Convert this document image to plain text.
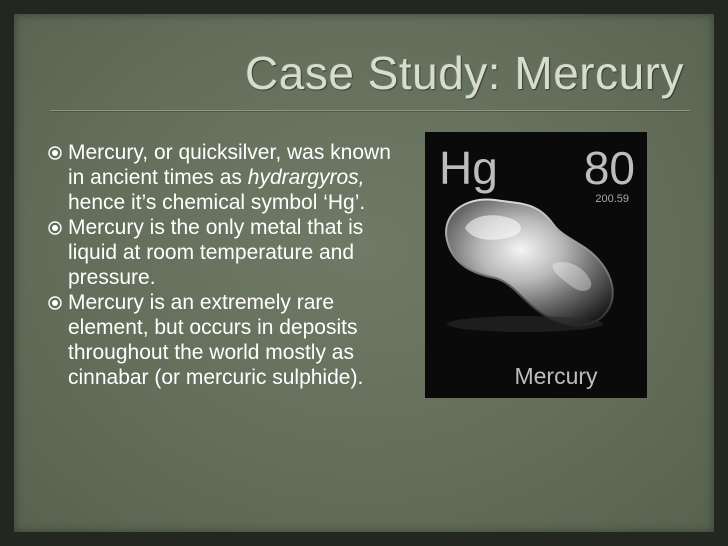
Case Study: Mercury
Mercury, or quicksilver, was known in ancient times as hydrargyros, hence it’s chemical symbol ‘Hg’.
Mercury is the only metal that is liquid at room temperature and pressure.
Mercury is an extremely rare element, but occurs in deposits throughout the world mostly as cinnabar (or mercuric sulphide).
Hg 80
200.59
Mercury
